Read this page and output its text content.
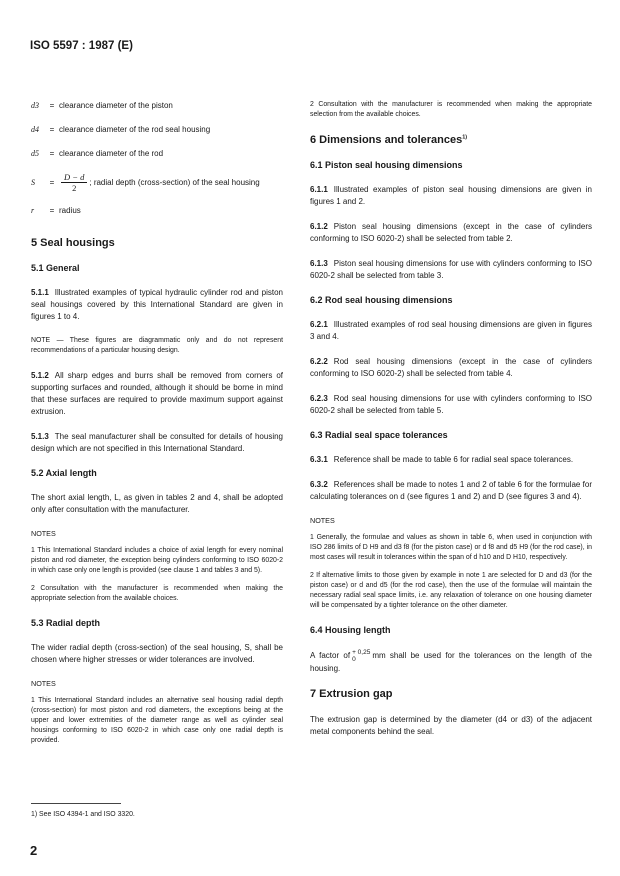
ISO 5597 : 1987 (E)
d3	= clearance diameter of the piston
d4	= clearance diameter of the rod seal housing
d5	= clearance diameter of the rod
S	= $\frac{D - d}{2}$ ; radial depth (cross-section) of the seal housing
r	= radius
5 Seal housings
5.1 General

5.1.1 Illustrated examples of typical hydraulic cylinder rod and piston seal housings covered by this International Standard are given in figures 1 to 4.

NOTE — These figures are diagrammatic only and do not represent recommendations of a particular housing design.

5.1.2 All sharp edges and burrs shall be removed from corners of supporting surfaces and rounded, although it should be borne in mind that these surfaces are required to provide maximum support against extrusion.

5.1.3 The seal manufacturer shall be consulted for details of housing design which are not specified in this International Standard.

5.2 Axial length

The short axial length, L, as given in tables 2 and 4, shall be adopted only after consultation with the manufacturer.

NOTES

1 This International Standard includes a choice of axial length for every nominal piston and rod diameter, the exception being cylinders conforming to ISO 6020-2 in which case only one length is provided (see clause 1 and tables 3 and 5).

2 Consultation with the manufacturer is recommended when making the appropriate selection from the available choices.

5.3 Radial depth

The wider radial depth (cross-section) of the seal housing, S, shall be chosen where higher stresses or wider tolerances are involved.

NOTES

1 This International Standard includes an alternative seal housing radial depth (cross-section) for most piston and rod diameters, the exceptions being at the upper and lower extremities of the diameter range as well as cylinder seal housings conforming to ISO 6020-2 in which case only one radial depth is provided.

2 Consultation with the manufacturer is recommended when making the appropriate selection from the available choices.

6 Dimensions and tolerances$^{1)}$
6.1 Piston seal housing dimensions

6.1.1 Illustrated examples of piston seal housing dimensions are given in figures 1 and 2.

6.1.2 Piston seal housing dimensions (except in the case of cylinders conforming to ISO 6020-2) shall be selected from table 2.

6.1.3 Piston seal housing dimensions for use with cylinders conforming to ISO 6020-2 shall be selected from table 3.

6.2 Rod seal housing dimensions

6.2.1 Illustrated examples of rod seal housing dimensions are given in figures 3 and 4.

6.2.2 Rod seal housing dimensions (except in the case of cylinders conforming to ISO 6020-2) shall be selected from table 4.

6.2.3 Rod seal housing dimensions for use with cylinders conforming to ISO 6020-2 shall be selected from table 5.

6.3 Radial seal space tolerances

6.3.1 Reference shall be made to table 6 for radial seal space tolerances.

6.3.2 References shall be made to notes 1 and 2 of table 6 for the formulae for calculating tolerances on d (see figures 1 and 2) and D (see figures 3 and 4).

NOTES

1 Generally, the formulae and values as shown in table 6, when used in conjunction with ISO 286 limits of D H9 and d3 f8 (for the piston case) or d f8 and d5 H9 (for the rod case), in most cases will result in tolerances within the span of d h10 and D H10, respectively.

2 If alternative limits to those given by example in note 1 are selected for D and d3 (for the piston case) or d and d5 (for the rod case), then the use of the formulae will maintain the necessary radial seal space limits, i.e. any relaxation of tolerance on one housing diameter will be compensated by a tighter tolerance on the other diameter.

6.4 Housing length

A factor of + 0,25
0	mm shall be used for the tolerances on the length of the housing.

7 Extrusion gap

The extrusion gap is determined by the diameter (d4 or d3) of the adjacent metal components behind the seal.

1) See ISO 4394-1 and ISO 3320.
2
